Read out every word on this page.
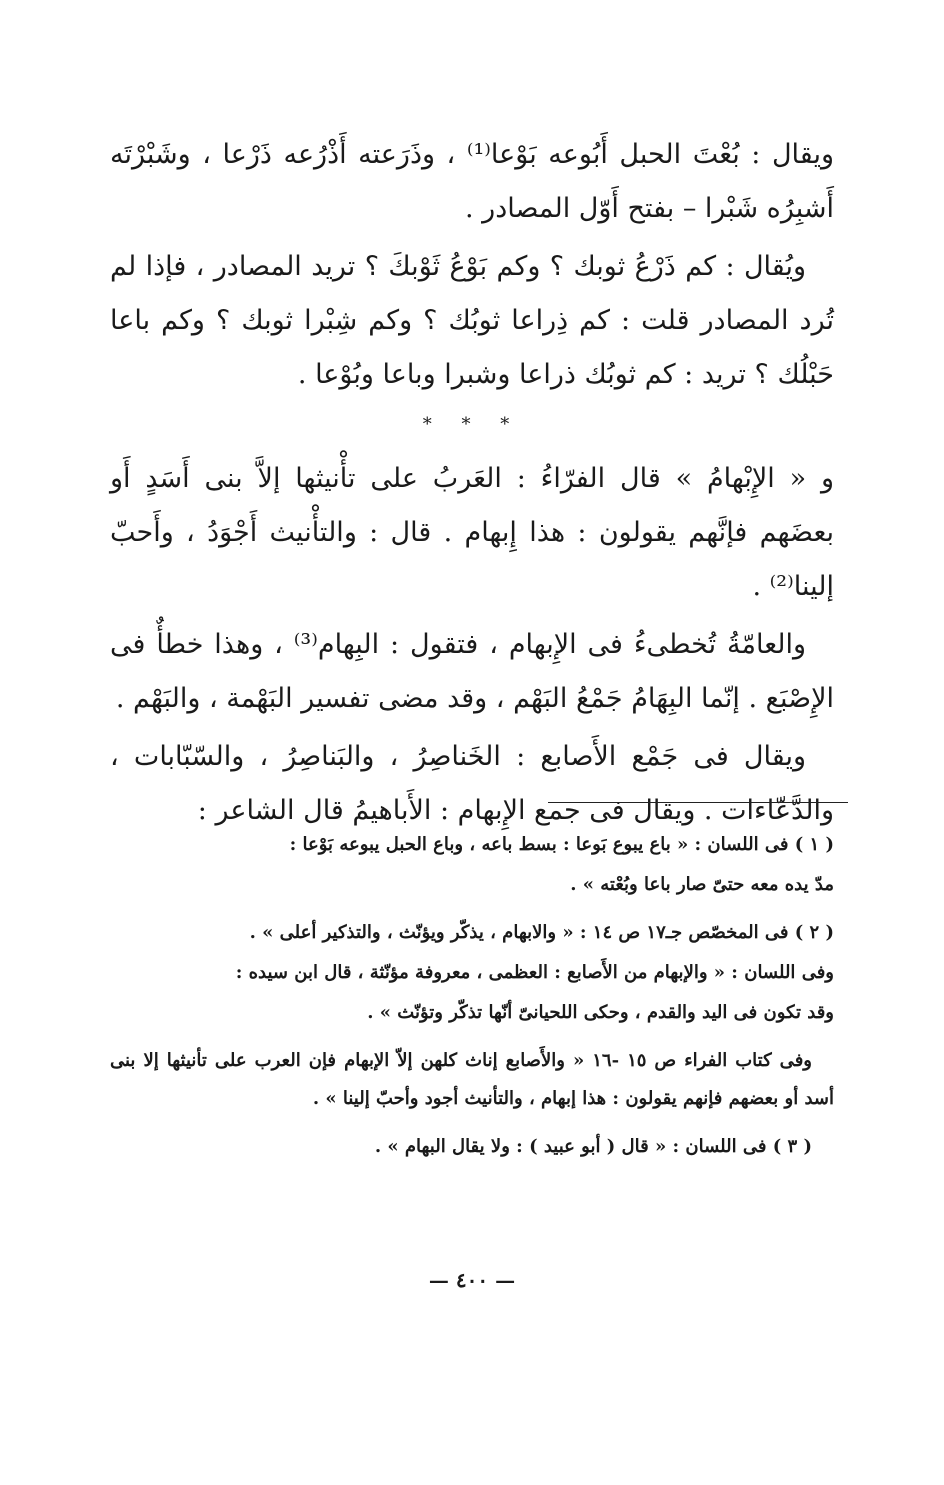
ويقال : بُعْتَ الحبل أَبُوعه بَوْعا⁽¹⁾ ، وذَرَعته أَذْرُعه ذَرْعا ، وشَبْرْتَه أَشبِرُه شَبْرا – بفتح أَوّل المصادر .

ويُقال : كم ذَرْعُ ثوبك ؟ وكم بَوْعُ ثَوْبكَ ؟ تريد المصادر ، فإذا لم تُرد المصادر قلت : كم ذِراعا ثوبُك ؟ وكم شِبْرا ثوبك ؟ وكم باعا حَبْلُك ؟ تريد : كم ثوبُك ذراعا وشبرا وباعا وبُوْعا .

* * *

و « الإِبْهامُ » قال الفرّاءُ : العَربُ على تأْنيثها إلاَّ بنى أَسَدٍ أَو بعضَهم فإنَّهم يقولون : هذا إِبهام . قال : والتأْنيث أَجْوَدُ ، وأَحبّ إلينا⁽²⁾ .

والعامّةُ تُخطىءُ فى الإِبهام ، فتقول : البِهام⁽³⁾ ، وهذا خطأٌ فى الإِصْبَع . إنّما البِهَامُ جَمْعُ البَهْم ، وقد مضى تفسير البَهْمة ، والبَهْم .

ويقال فى جَمْع الأَصابع : الخَناصِرُ ، والبَناصِرُ ، والسّبّابات ، والدَّعّاءات . ويقال فى جمع الإِبهام : الأَباهيمُ قال الشاعر :

( ١ ) فى اللسان : « باع يبوع بَوعا : بسط باعه ، وباع الحبل يبوعه بَوْعا :

مدّ يده معه حتىّ صار باعا وبُعْته » .

( ٢ ) فى المخصّص جـ١٧ ص ١٤ : « والابهام ، يذكّر ويؤنّث ، والتذكير أعلى » .

وفى اللسان : « والإبهام من الأَصابع : العظمى ، معروفة مؤنّثة ، قال ابن سيده :

وقد تكون فى اليد والقدم ، وحكى اللحيانىّ أنّها تذكّر وتؤنّث » .

وفى كتاب الفراء ص ١٥ -١٦ « والأَصابع إناث كلهن إلاّ الإبهام فإن العرب على تأنيثها إلا بنى أسد أو بعضهم فإنهم يقولون : هذا إبهام ، والتأنيث أجود وأحبّ إلينا » .

( ٣ ) فى اللسان : « قال ( أبو عبيد ) : ولا يقال البهام » .

— ٤٠٠ —
